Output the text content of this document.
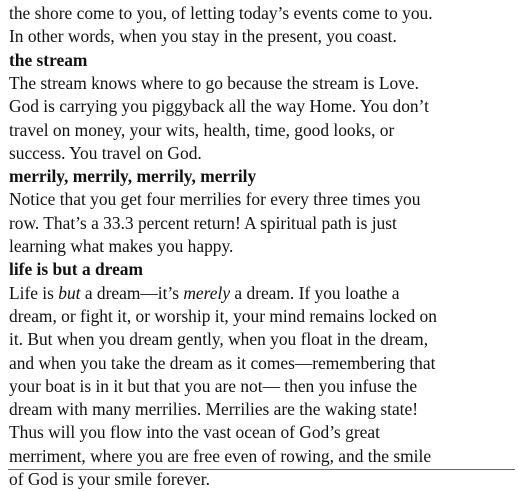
the shore come to you, of letting today’s events come to you.
In other words, when you stay in the present, you coast.
the stream
The stream knows where to go because the stream is Love.
God is carrying you piggyback all the way Home. You don’t
travel on money, your wits, health, time, good looks, or
success. You travel on God.
merrily, merrily, merrily, merrily
Notice that you get four merrilies for every three times you
row. That’s a 33.3 percent return! A spiritual path is just
learning what makes you happy.
life is but a dream
Life is but a dream—it’s merely a dream. If you loathe a
dream, or fight it, or worship it, your mind remains locked on
it. But when you dream gently, when you float in the dream,
and when you take the dream as it comes—remembering that
your boat is in it but that you are not— then you infuse the
dream with many merrilies. Merrilies are the waking state!
Thus will you flow into the vast ocean of God’s great
merriment, where you are free even of rowing, and the smile
of God is your smile forever.
